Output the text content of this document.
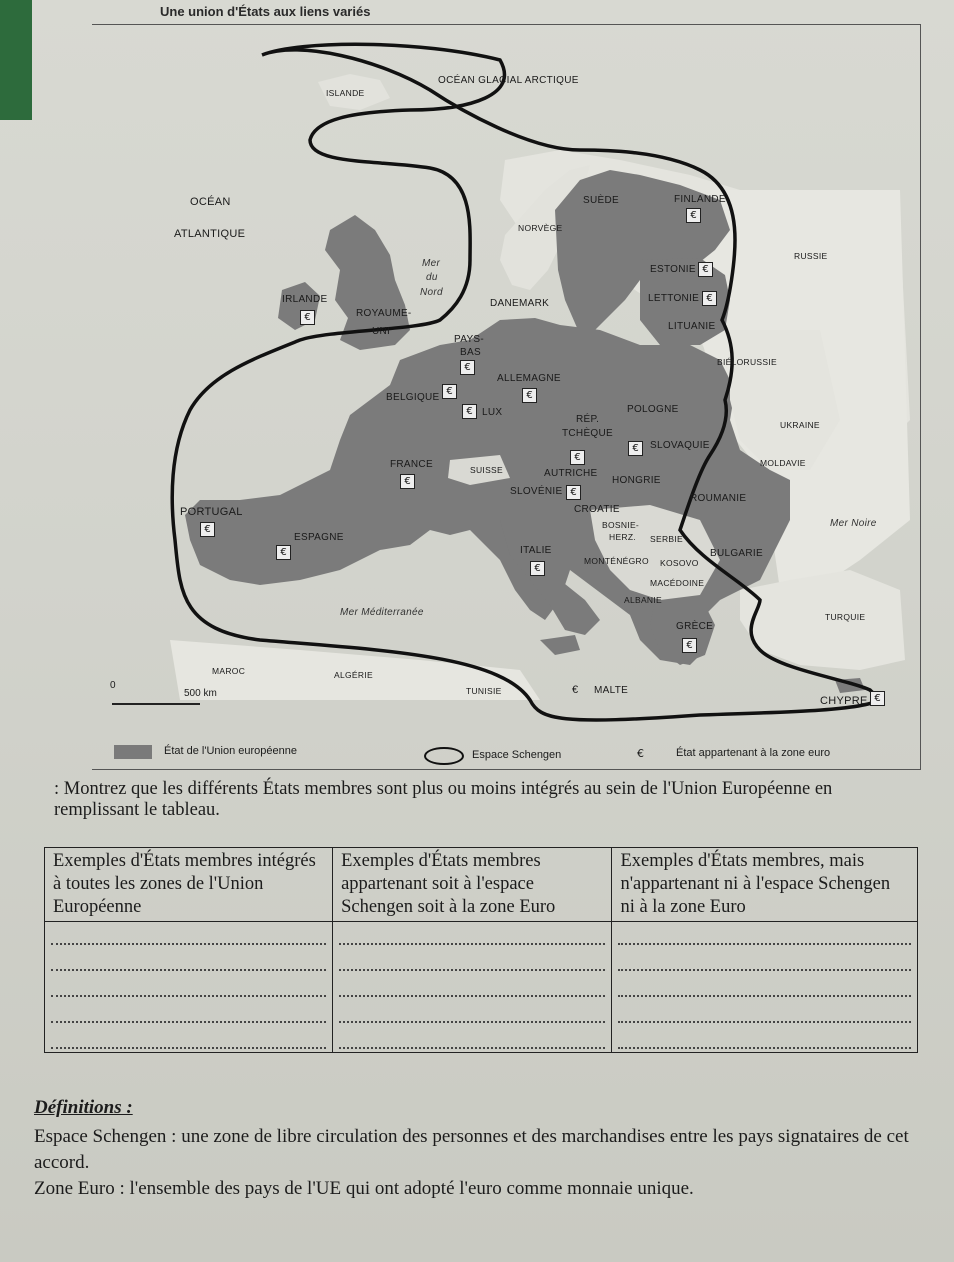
Une union d'États aux liens variés
OCÉAN GLACIAL ARCTIQUE
ISLANDE
OCÉAN
ATLANTIQUE
Mer
du
Nord
NORVÈGE
SUÈDE	FINLANDE
€
RUSSIE
ESTONIE €
LETTONIE €
LITUANIE
DANEMARK
IRLANDE
€	ROYAUME-
UNI
PAYS-
BAS
€
ALLEMAGNE
€
BELGIQUE
€
€ LUX	POLOGNE
BIÉLORUSSIE
RÉP.
TCHÈQUE
UKRAINE
€	SLOVAQUIE
€	MOLDAVIE
FRANCE
€
SUISSE	AUTRICHE
HONGRIE
SLOVÉNIE €
PORTUGAL
€
CROATIE
ROUMANIE
BOSNIE-
HERZ. SERBIE
Mer Noire
ESPAGNE
€	ITALIE
€
MONTÉNÉGRO KOSOVO
BULGARIE
MACÉDOINE
ALBANIE
Mer Méditerranée	TURQUIE
GRÈCE
€
MAROC	ALGÉRIE
TUNISIE	€ MALTE
CHYPRE €
0
500 km
État de l'Union européenne	Espace Schengen	€	État appartenant à la zone euro
: Montrez que les différents États membres sont plus ou moins intégrés au sein de l'Union Européenne en remplissant le tableau.
Exemples d'États membres intégrés à toutes les zones de l'Union Européenne	Exemples d'États membres appartenant soit à l'espace Schengen soit à la zone Euro	Exemples d'États membres, mais n'appartenant ni à l'espace Schengen ni à la zone Euro

Définitions :
Espace Schengen : une zone de libre circulation des personnes et des marchandises entre les pays signataires de cet accord.
Zone Euro : l'ensemble des pays de l'UE qui ont adopté l'euro comme monnaie unique.
